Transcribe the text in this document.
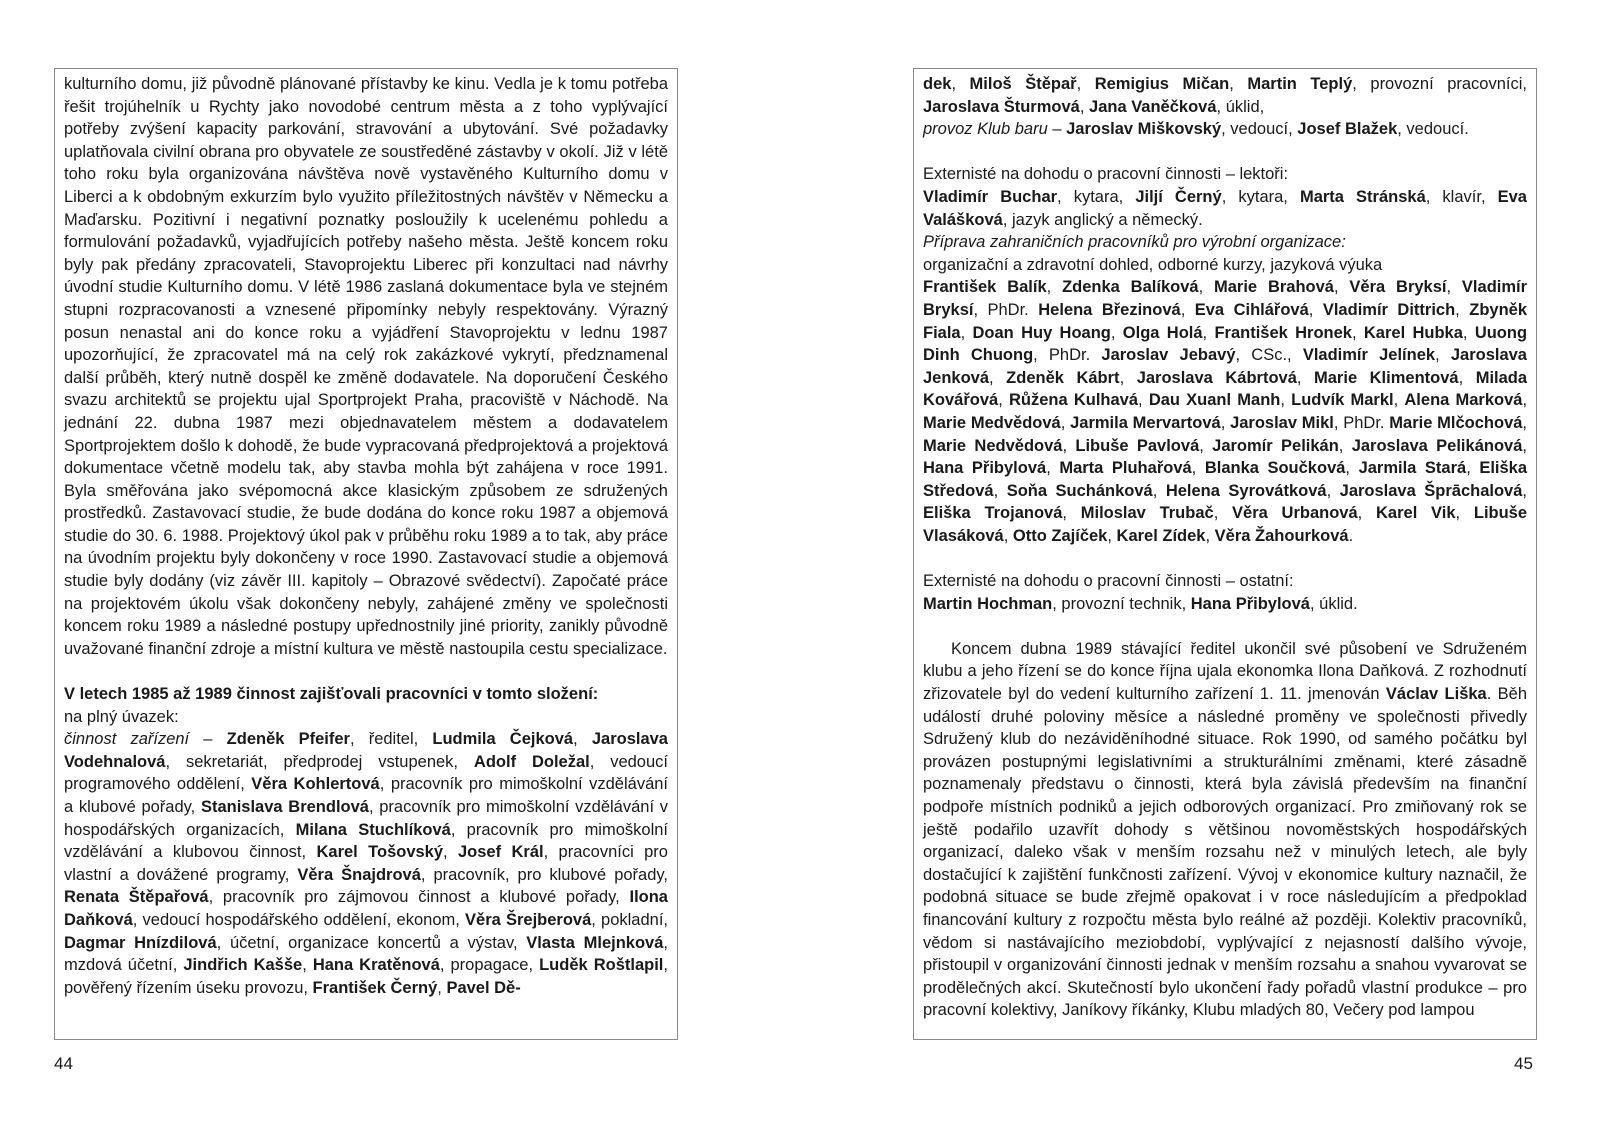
kulturního domu, již původně plánované přístavby ke kinu. Vedla je k tomu potřeba řešit trojúhelník u Rychty jako novodobé centrum města a z toho vyplývající potřeby zvýšení kapacity parkování, stravování a ubytování. Své požadavky uplatňovala civilní obrana pro obyvatele ze soustředěné zástavby v okolí. Již v létě toho roku byla organizována návštěva nově vystavěného Kulturního domu v Liberci a k obdobným exkurzím bylo využito příležitostných návštěv v Německu a Maďarsku. Pozitivní i negativní poznatky posloužily k ucelenému pohledu a formulování požadavků, vyjadřujících potřeby našeho města. Ještě koncem roku byly pak předány zpracovateli, Stavoprojektu Liberec při konzultaci nad návrhy úvodní studie Kulturního domu. V létě 1986 zaslaná dokumentace byla ve stejném stupni rozpracovanosti a vznesené připomínky nebyly respektovány. Výrazný posun nenastal ani do konce roku a vyjádření Stavoprojektu v lednu 1987 upozorňující, že zpracovatel má na celý rok zakázkové vykrytí, předznamenal další průběh, který nutně dospěl ke změně dodavatele. Na doporučení Českého svazu architektů se projektu ujal Sportprojekt Praha, pracoviště v Náchodě. Na jednání 22. dubna 1987 mezi objednavatelem městem a dodavatelem Sportprojektem došlo k dohodě, že bude vypracovaná předprojektová a projektová dokumentace včetně modelu tak, aby stavba mohla být zahájena v roce 1991. Byla směřována jako svépomocná akce klasickým způsobem ze sdružených prostředků. Zastavovací studie, že bude dodána do konce roku 1987 a objemová studie do 30. 6. 1988. Projektový úkol pak v průběhu roku 1989 a to tak, aby práce na úvodním projektu byly dokončeny v roce 1990. Zastavovací studie a objemová studie byly dodány (viz závěr III. kapitoly – Obrazové svědectví). Započaté práce na projektovém úkolu však dokončeny nebyly, zahájené změny ve společnosti koncem roku 1989 a následné postupy upřednostnily jiné priority, zanikly původně uvažované finanční zdroje a místní kultura ve městě nastoupila cestu specializace.

V letech 1985 až 1989 činnost zajišťovali pracovníci v tomto složení:

na plný úvazek:

činnost zařízení – Zdeněk Pfeifer, ředitel, Ludmila Čejková, Jaroslava Vodehnalová, sekretariát, předprodej vstupenek, Adolf Doležal, vedoucí programového oddělení, Věra Kohlertová, pracovník pro mimoškolní vzdělávání a klubové pořady, Stanislava Brendlová, pracovník pro mimoškolní vzdělávání v hospodářských organizacích, Milana Stuchlíková, pracovník pro mimoškolní vzdělávání a klubovou činnost, Karel Tošovský, Josef Král, pracovníci pro vlastní a dovážené programy, Věra Šnajdrová, pracovník, pro klubové pořady, Renata Štěpařová, pracovník pro zájmovou činnost a klubové pořady, Ilona Daňková, vedoucí hospodářského oddělení, ekonom, Věra Šrejberová, pokladní, Dagmar Hnízdilová, účetní, organizace koncertů a výstav, Vlasta Mlejnková, mzdová účetní, Jindřich Kašše, Hana Kratěnová, propagace, Luděk Roštlapil, pověřený řízením úseku provozu, František Černý, Pavel Dě-

44

dek, Miloš Štěpař, Remigius Mičan, Martin Teplý, provozní pracovníci, Jaroslava Šturmová, Jana Vaněčková, úklid,
provoz Klub baru – Jaroslav Miškovský, vedoucí, Josef Blažek, vedoucí.

Externisté na dohodu o pracovní činnosti – lektoři:

Vladimír Buchar, kytara, Jiljí Černý, kytara, Marta Stránská, klavír, Eva Valášková, jazyk anglický a německý.

Příprava zahraničních pracovníků pro výrobní organizace:

organizační a zdravotní dohled, odborné kurzy, jazyková výuka

František Balík, Zdenka Balíková, Marie Brahová, Věra Bryksí, Vladimír Bryksí, PhDr. Helena Březinová, Eva Cihlářová, Vladimír Dittrich, Zbyněk Fiala, Doan Huy Hoang, Olga Holá, František Hronek, Karel Hubka, Uuong Dinh Chuong, PhDr. Jaroslav Jebavý, CSc., Vladimír Jelínek, Jaroslava Jenková, Zdeněk Kábrt, Jaroslava Kábrtová, Marie Klimentová, Milada Kovářová, Růžena Kulhavá, Dau Xuanl Manh, Ludvík Markl, Alena Marková, Marie Medvědová, Jarmila Mervartová, Jaroslav Mikl, PhDr. Marie Mlčochová, Marie Nedvědová, Libuše Pavlová, Jaromír Pelikán, Jaroslava Pelikánová, Hana Přibylová, Marta Pluhařová, Blanka Součková, Jarmila Stará, Eliška Středová, Soňa Suchánková, Helena Syrovátková, Jaroslava Šprāchalová, Eliška Trojanová, Miloslav Trubač, Věra Urbanová, Karel Vik, Libuše Vlasáková, Otto Zajíček, Karel Zídek, Věra Žahourková.

Externisté na dohodu o pracovní činnosti – ostatní:

Martin Hochman, provozní technik, Hana Přibylová, úklid.

Koncem dubna 1989 stávající ředitel ukončil své působení ve Sdruženém klubu a jeho řízení se do konce října ujala ekonomka Ilona Daňková. Z rozhodnutí zřizovatele byl do vedení kulturního zařízení 1. 11. jmenován Václav Liška. Běh událostí druhé poloviny měsíce a následné proměny ve společnosti přivedly Sdružený klub do nezáviděníhodné situace. Rok 1990, od samého počátku byl provázen postupnými legislativními a strukturálními změnami, které zásadně poznamenaly představu o činnosti, která byla závislá především na finanční podpoře místních podniků a jejich odborových organizací. Pro zmiňovaný rok se ještě podařilo uzavřít dohody s většinou novoměstských hospodářských organizací, daleko však v menším rozsahu než v minulých letech, ale byly dostačující k zajištění funkčnosti zařízení. Vývoj v ekonomice kultury naznačil, že podobná situace se bude zřejmě opakovat i v roce následujícím a předpoklad financování kultury z rozpočtu města bylo reálné až později. Kolektiv pracovníků, vědom si nastávajícího meziobdobí, vyplývající z nejasností dalšího vývoje, přistoupil v organizování činnosti jednak v menším rozsahu a snahou vyvarovat se prodělečných akcí. Skutečností bylo ukončení řady pořadů vlastní produkce – pro pracovní kolektivy, Janíkovy říkánky, Klubu mladých 80, Večery pod lampou

45
